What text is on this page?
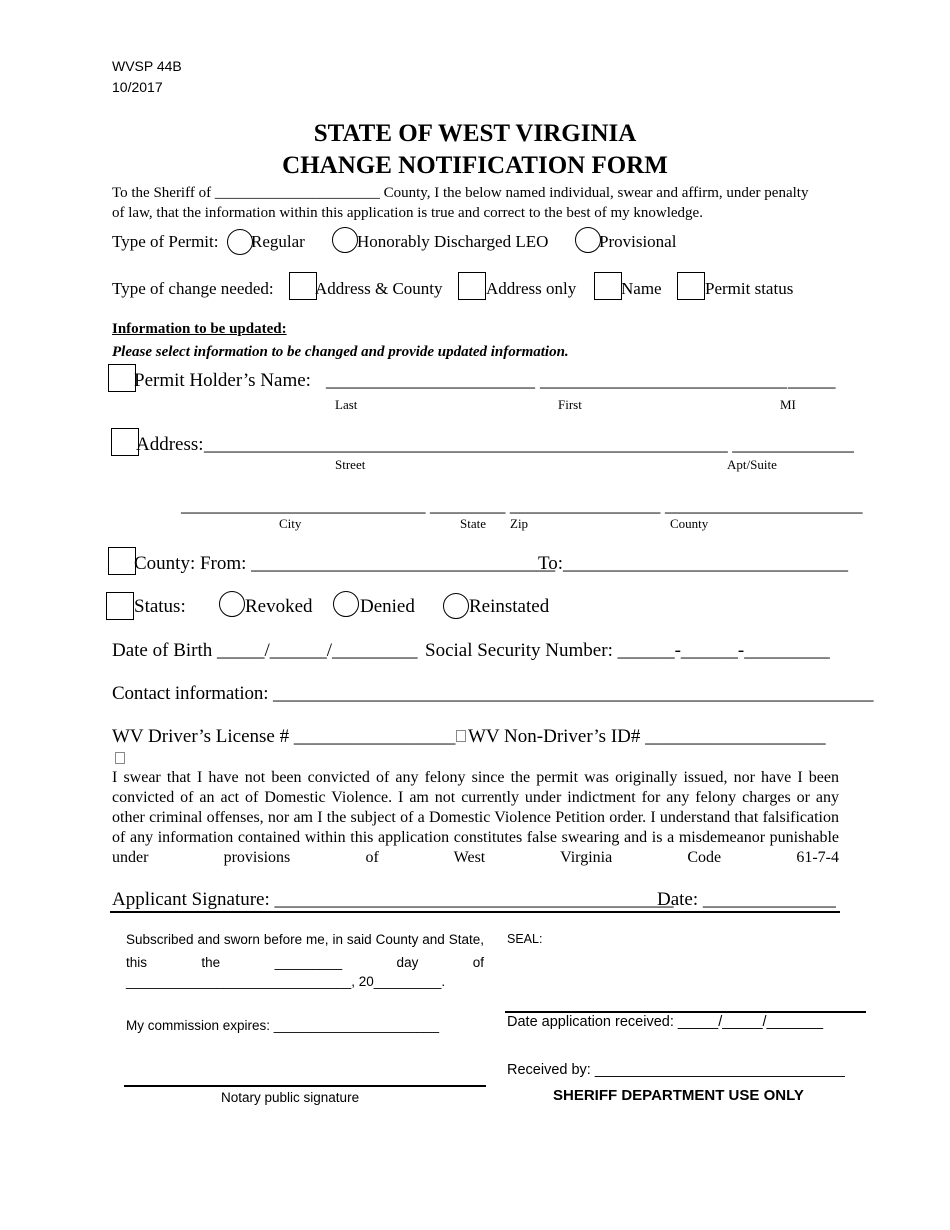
WVSP 44B
10/2017
STATE OF WEST VIRGINIA
CHANGE NOTIFICATION FORM
To the Sheriff of ______________________ County, I the below named individual, swear and affirm, under penalty
of law, that the information within this application is true and correct to the best of my knowledge.
Type of Permit: Regular	Honorably Discharged LEO	Provisional
Type of change needed: Address & County	Address only	Name	Permit status
Information to be updated:
Please select information to be changed and provide updated information.
Permit Holder’s Name: ______________________ __________________________ _____
Last	First	MI
Address: ________________________________________________________ _____________
Street	Apt/Suite
__________________________ ________ ________________ _____________________
City	State Zip	County
County: From: ________________________________
To:______________________________
Status:	Revoked Denied	Reinstated
Date of Birth _____/______/_________ Social Security Number: ______-______-_________
Contact information: ________________________________________________________________
WV Driver’s License # _________________ WV Non-Driver’s ID# ___________________
I swear that I have not been convicted of any felony since the permit was originally issued, nor have I been convicted of an act of Domestic Violence. I am not currently under indictment for any felony charges or any other criminal offenses, nor am I the subject of a Domestic Violence Petition order. I understand that falsification of any information contained within this application constitutes false swearing and is a misdemeanor punishable under provisions of West Virginia Code 61-7-4
Applicant Signature: __________________________________________
Date: ______________
Subscribed and sworn before me, in said County and State, this the _________ day of
______________________________, 20_________.
SEAL:
My commission expires: ______________________
Notary public signature
Date application received: _____/_____/_______
Received by: _______________________________
SHERIFF DEPARTMENT USE ONLY
